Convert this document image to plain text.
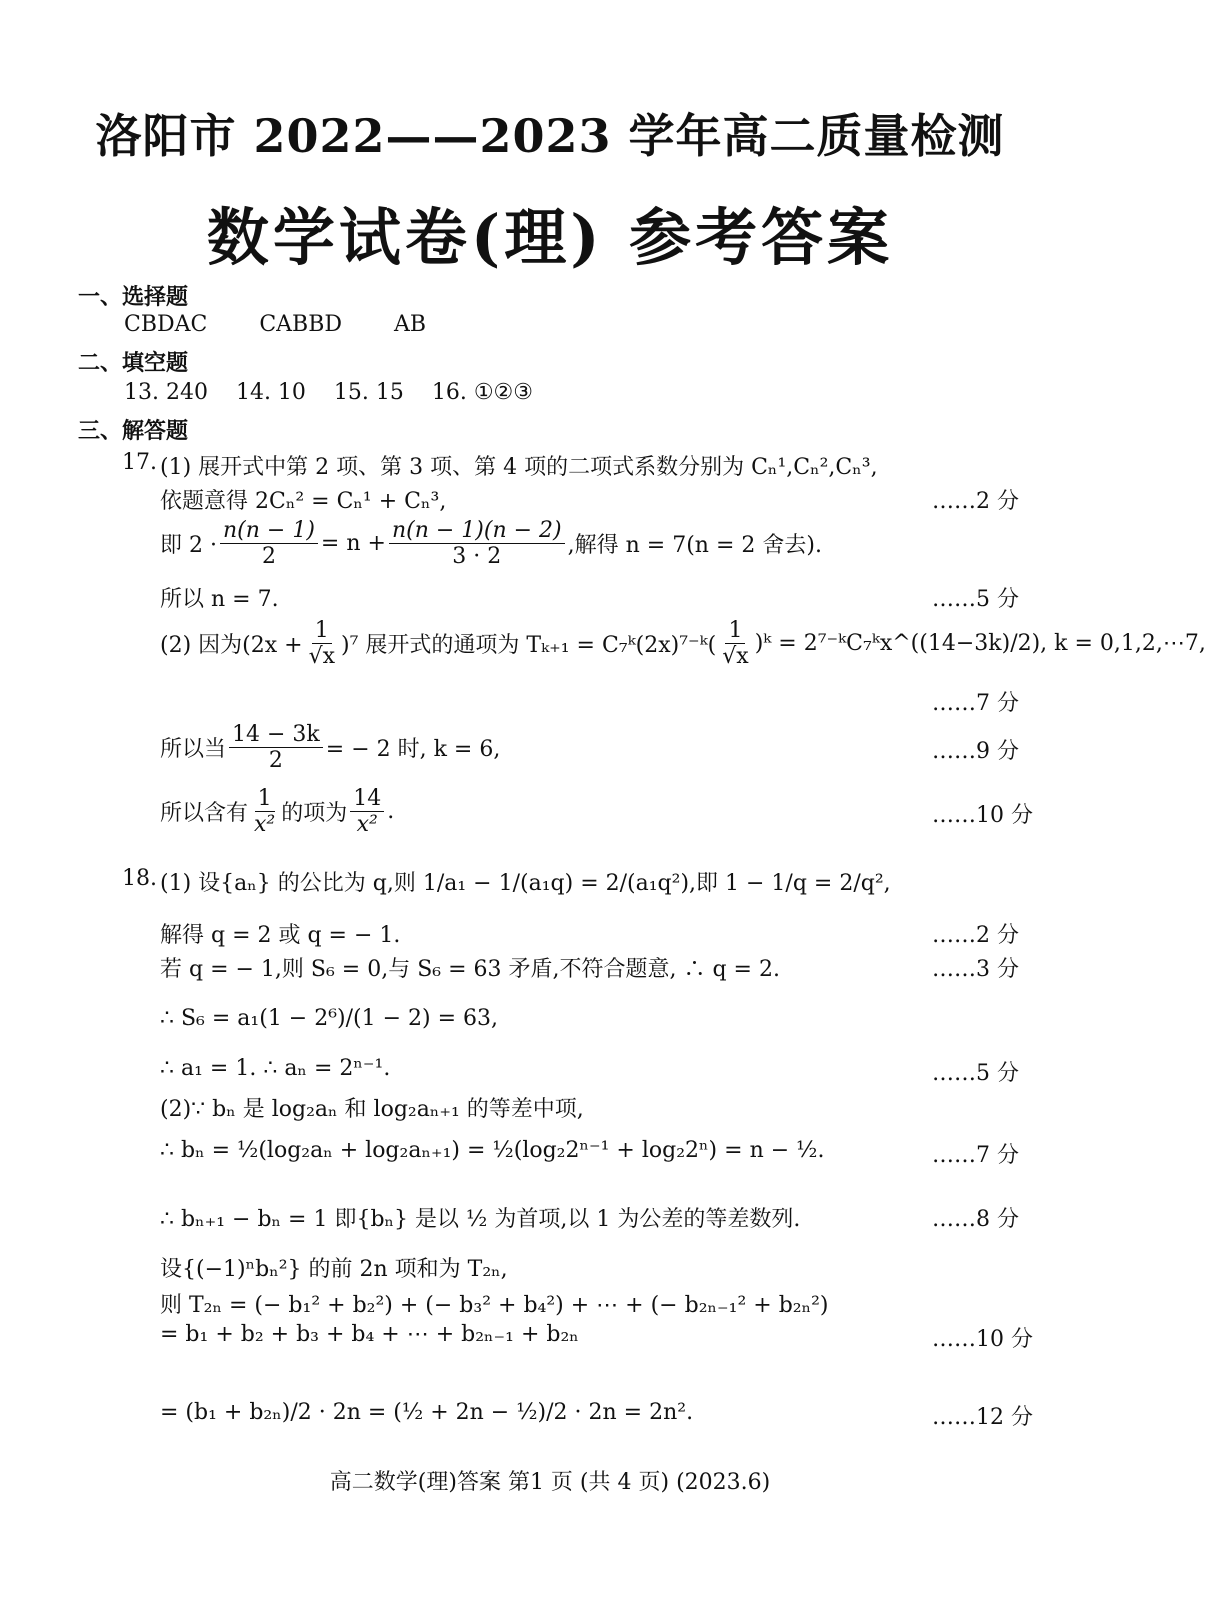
洛阳市 2022——2023 学年高二质量检测
数学试卷(理) 参考答案
一、选择题
CBDAC    CABBD    AB
二、填空题
13. 240    14. 10    15. 15    16. ①②③
三、解答题
17. (1) 展开式中第 2 项、第 3 项、第 4 项的二项式系数分别为 Cₙ¹,Cₙ²,Cₙ³,
依题意得 2Cₙ² = Cₙ¹ + Cₙ³,	……2 分
即 $2 \cdot \frac{n(n - 1)}{2} = n + \frac{n(n - 1)(n - 2)}{3 \cdot 2}$ ,解得 n = 7(n = 2 舍去).
所以 n = 7.	……5 分
(2) 因为$(2x + \frac{1}{√x} )^7$ 展开式的通项为 Tₖ₊₁ = C₇ᵏ(2x)⁷⁻ᵏ( $\frac{1}{√x}$ )ᵏ = 2⁷⁻ᵏC₇ᵏx^((14−3k)/2), k = 0,1,2,⋯7,
……7 分
所以当 $\frac{14 - 3k}{2}$ = − 2 时, k = 6,	……9 分
所以含有 $\frac{1}{\text{x²}}$ 的项为 $\frac{14}{\text{x²}}$ .	……10 分
18. (1) 设{aₙ} 的公比为 q,则 1/a₁ − 1/(a₁q) = 2/(a₁q²),即 1 − 1/q = 2/q²,
解得 q = 2 或 q = − 1.	……2 分
若 q = − 1,则 S₆ = 0,与 S₆ = 63 矛盾,不符合题意, ∴ q = 2.	……3 分
∴ S₆ = a₁(1 − 2⁶)/(1 − 2) = 63,
∴ a₁ = 1. ∴ aₙ = 2ⁿ⁻¹.	……5 分
(2)∵ bₙ 是 log₂aₙ 和 log₂aₙ₊₁ 的等差中项,
∴ bₙ = ½(log₂aₙ + log₂aₙ₊₁) = ½(log₂2ⁿ⁻¹ + log₂2ⁿ) = n − ½.	……7 分
∴ bₙ₊₁ − bₙ = 1 即{bₙ} 是以 ½ 为首项,以 1 为公差的等差数列.	……8 分
设{(−1)ⁿbₙ²} 的前 2n 项和为 T₂ₙ,
则 T₂ₙ = (− b₁² + b₂²) + (− b₃² + b₄²) + ⋯ + (− b₂ₙ₋₁² + b₂ₙ²)
= b₁ + b₂ + b₃ + b₄ + ⋯ + b₂ₙ₋₁ + b₂ₙ	……10 分
= (b₁ + b₂ₙ)/2 · 2n = (½ + 2n − ½)/2 · 2n = 2n².	……12 分
高二数学(理)答案 第1 页 (共 4 页) (2023.6)
